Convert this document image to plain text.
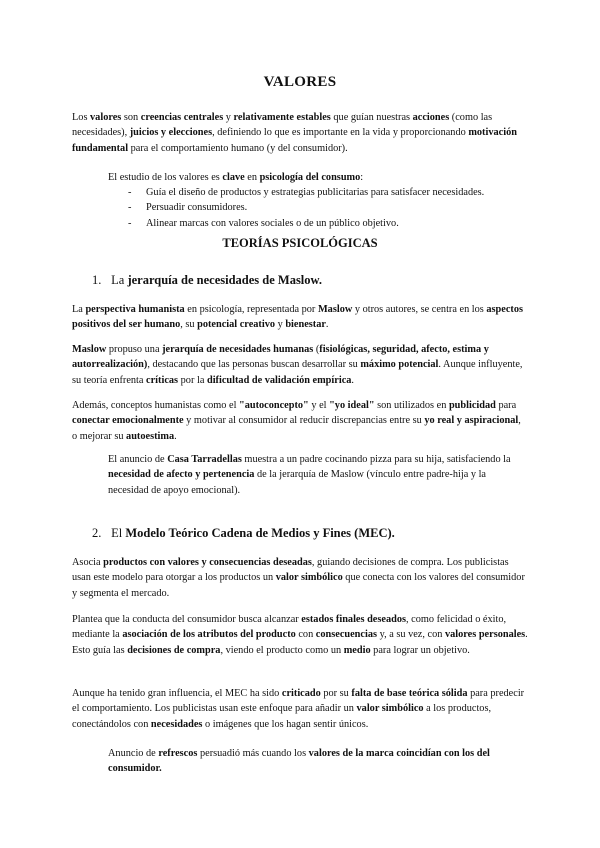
VALORES

Los valores son creencias centrales y relativamente estables que guían nuestras acciones (como las necesidades), juicios y elecciones, definiendo lo que es importante en la vida y proporcionando motivación fundamental para el comportamiento humano (y del consumidor).

El estudio de los valores es clave en psicología del consumo:

- Guía el diseño de productos y estrategias publicitarias para satisfacer necesidades.
- Persuadir consumidores.
- Alinear marcas con valores sociales o de un público objetivo.
TEORÍAS PSICOLÓGICAS
1. La jerarquía de necesidades de Maslow.

La perspectiva humanista en psicología, representada por Maslow y otros autores, se centra en los aspectos positivos del ser humano, su potencial creativo y bienestar.

Maslow propuso una jerarquía de necesidades humanas (fisiológicas, seguridad, afecto, estima y autorrealización), destacando que las personas buscan desarrollar su máximo potencial. Aunque influyente, su teoría enfrenta críticas por la dificultad de validación empírica.

Además, conceptos humanistas como el "autoconcepto" y el "yo ideal" son utilizados en publicidad para conectar emocionalmente y motivar al consumidor al reducir discrepancias entre su yo real y aspiracional, o mejorar su autoestima.

El anuncio de Casa Tarradellas muestra a un padre cocinando pizza para su hija, satisfaciendo la necesidad de afecto y pertenencia de la jerarquía de Maslow (vínculo entre padre-hija y la necesidad de apoyo emocional).

2. El Modelo Teórico Cadena de Medios y Fines (MEC).

Asocia productos con valores y consecuencias deseadas, guiando decisiones de compra. Los publicistas usan este modelo para otorgar a los productos un valor simbólico que conecta con los valores del consumidor y segmenta el mercado.

Plantea que la conducta del consumidor busca alcanzar estados finales deseados, como felicidad o éxito, mediante la asociación de los atributos del producto con consecuencias y, a su vez, con valores personales. Esto guía las decisiones de compra, viendo el producto como un medio para lograr un objetivo.

Aunque ha tenido gran influencia, el MEC ha sido criticado por su falta de base teórica sólida para predecir el comportamiento. Los publicistas usan este enfoque para añadir un valor simbólico a los productos, conectándolos con necesidades o imágenes que los hagan sentir únicos.

Anuncio de refrescos persuadió más cuando los valores de la marca coincidían con los del consumidor.
